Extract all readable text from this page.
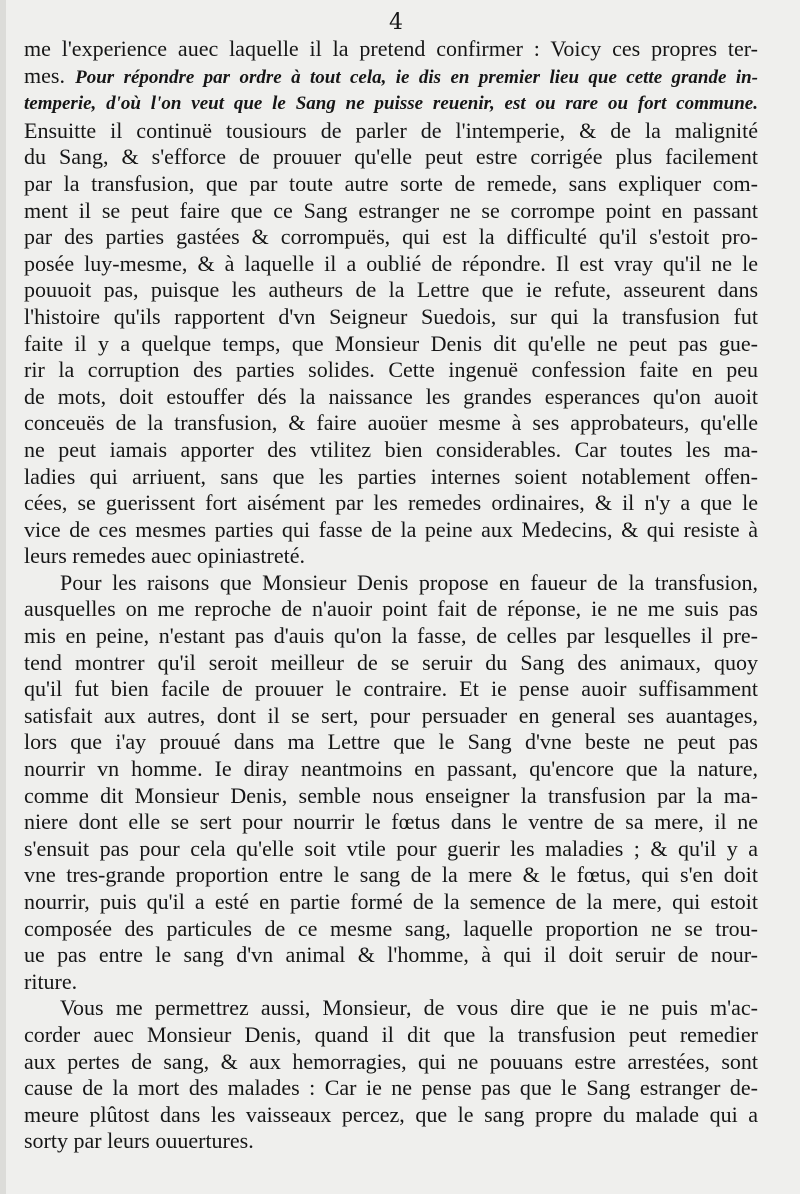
4

me l'experience auec laquelle il la pretend confirmer : Voicy ces propres ter-
mes. Pour répondre par ordre à tout cela, ie dis en premier lieu que cette grande in-
temperie, d'où l'on veut que le Sang ne puisse reuenir, est ou rare ou fort commune.
Ensuitte il continuë tousiours de parler de l'intemperie, & de la malignité
du Sang, & s'efforce de prouuer qu'elle peut estre corrigée plus facilement
par la transfusion, que par toute autre sorte de remede, sans expliquer com-
ment il se peut faire que ce Sang estranger ne se corrompe point en passant
par des parties gastées & corrompuës, qui est la difficulté qu'il s'estoit pro-
posée luy-mesme, & à laquelle il a oublié de répondre. Il est vray qu'il ne le
pouuoit pas, puisque les autheurs de la Lettre que ie refute, asseurent dans
l'histoire qu'ils rapportent d'vn Seigneur Suedois, sur qui la transfusion fut
faite il y a quelque temps, que Monsieur Denis dit qu'elle ne peut pas gue-
rir la corruption des parties solides. Cette ingenuë confession faite en peu
de mots, doit estouffer dés la naissance les grandes esperances qu'on auoit
conceuës de la transfusion, & faire auoüer mesme à ses approbateurs, qu'elle
ne peut iamais apporter des vtilitez bien considerables. Car toutes les ma-
ladies qui arriuent, sans que les parties internes soient notablement offen-
cées, se guerissent fort aisément par les remedes ordinaires, & il n'y a que le
vice de ces mesmes parties qui fasse de la peine aux Medecins, & qui resiste à
leurs remedes auec opiniastreté.

Pour les raisons que Monsieur Denis propose en faueur de la transfusion,
ausquelles on me reproche de n'auoir point fait de réponse, ie ne me suis pas
mis en peine, n'estant pas d'auis qu'on la fasse, de celles par lesquelles il pre-
tend montrer qu'il seroit meilleur de se seruir du Sang des animaux, quoy
qu'il fut bien facile de prouuer le contraire. Et ie pense auoir suffisamment
satisfait aux autres, dont il se sert, pour persuader en general ses auantages,
lors que i'ay prouué dans ma Lettre que le Sang d'vne beste ne peut pas
nourrir vn homme. Ie diray neantmoins en passant, qu'encore que la nature,
comme dit Monsieur Denis, semble nous enseigner la transfusion par la ma-
niere dont elle se sert pour nourrir le fœtus dans le ventre de sa mere, il ne
s'ensuit pas pour cela qu'elle soit vtile pour guerir les maladies ; & qu'il y a
vne tres-grande proportion entre le sang de la mere & le fœtus, qui s'en doit
nourrir, puis qu'il a esté en partie formé de la semence de la mere, qui estoit
composée des particules de ce mesme sang, laquelle proportion ne se trou-
ue pas entre le sang d'vn animal & l'homme, à qui il doit seruir de nour-
riture.

Vous me permettrez aussi, Monsieur, de vous dire que ie ne puis m'ac-
corder auec Monsieur Denis, quand il dit que la transfusion peut remedier
aux pertes de sang, & aux hemorragies, qui ne pouuans estre arrestées, sont
cause de la mort des malades : Car ie ne pense pas que le Sang estranger de-
meure plûtost dans les vaisseaux percez, que le sang propre du malade qui a
sorty par leurs ouuertures.
